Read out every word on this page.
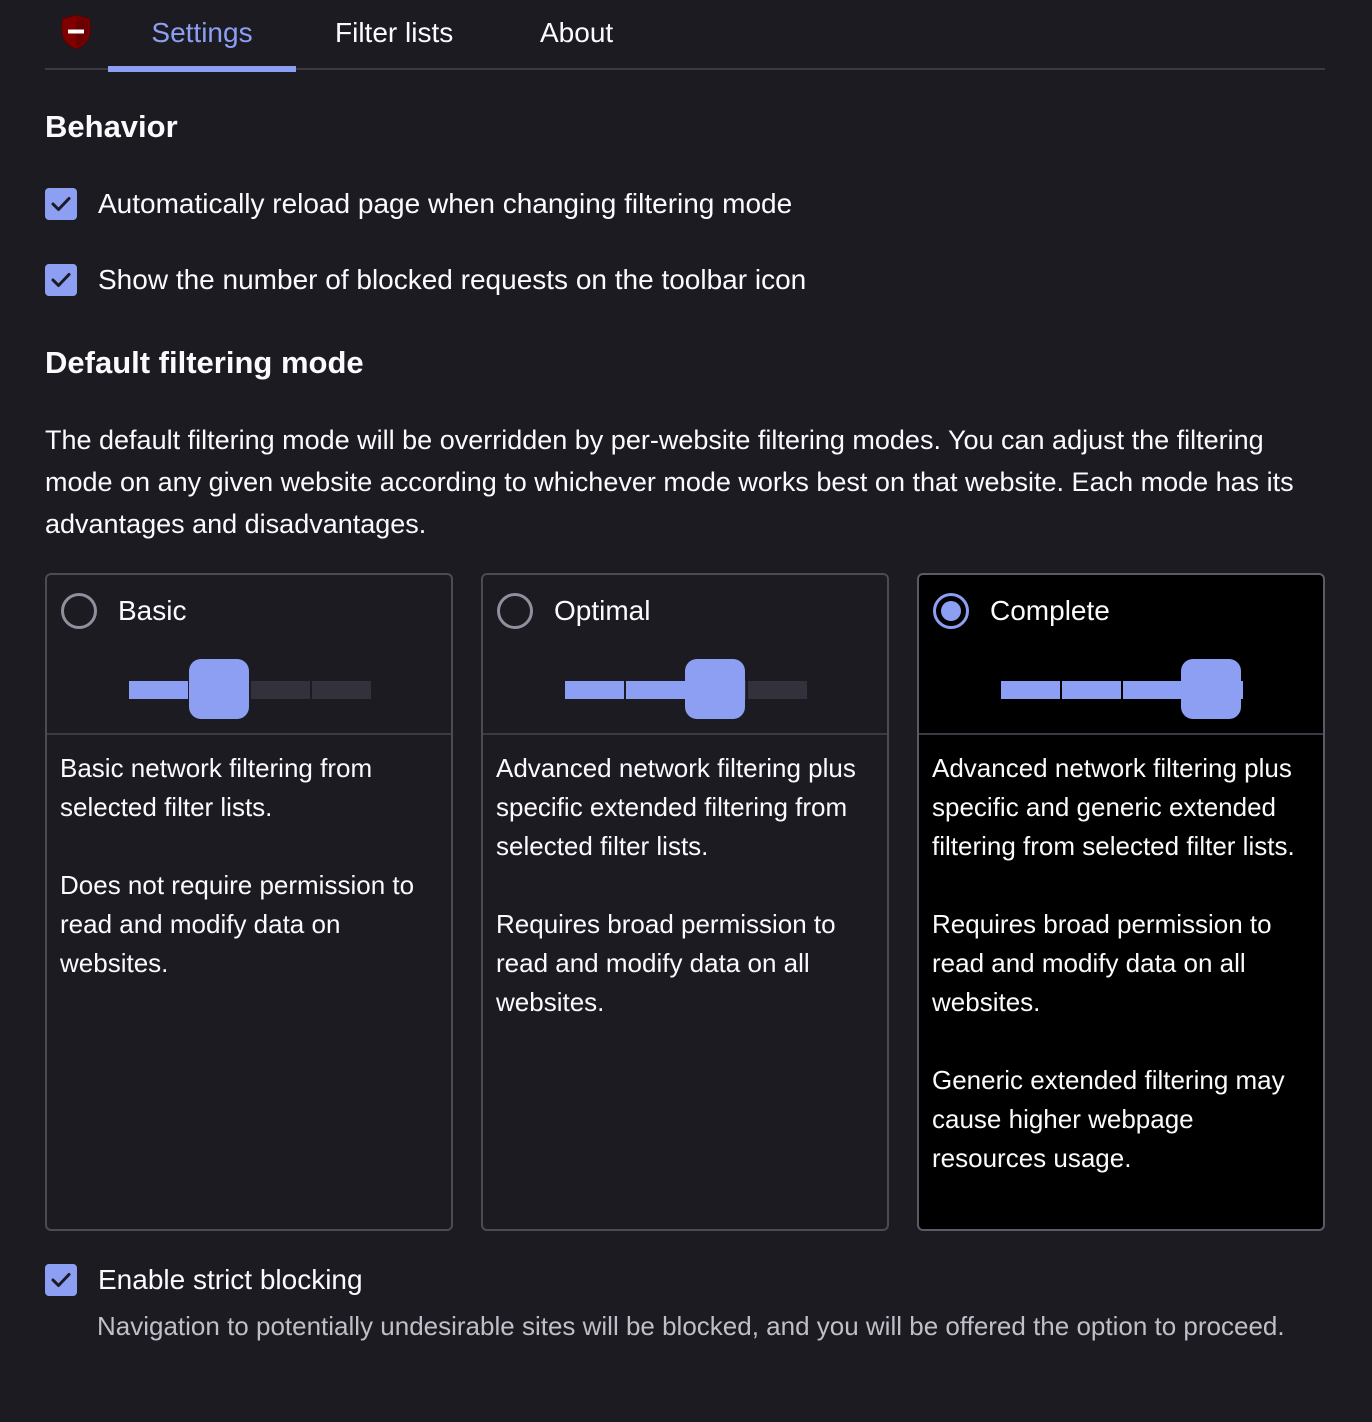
Settings	Filter lists	About
Behavior
Automatically reload page when changing filtering mode
Show the number of blocked requests on the toolbar icon
Default filtering mode

The default filtering mode will be overridden by per-website filtering modes. You can adjust the filtering mode on any given website according to whichever mode works best on that website. Each mode has its advantages and disadvantages.

Basic

Basic network filtering from selected filter lists.

Does not require permission to read and modify data on websites.

Optimal

Advanced network filtering plus specific extended filtering from selected filter lists.

Requires broad permission to read and modify data on all websites.

Complete

Advanced network filtering plus specific and generic extended filtering from selected filter lists.

Requires broad permission to read and modify data on all websites.

Generic extended filtering may cause higher webpage resources usage.

Enable strict blocking

Navigation to potentially undesirable sites will be blocked, and you will be offered the option to proceed.
